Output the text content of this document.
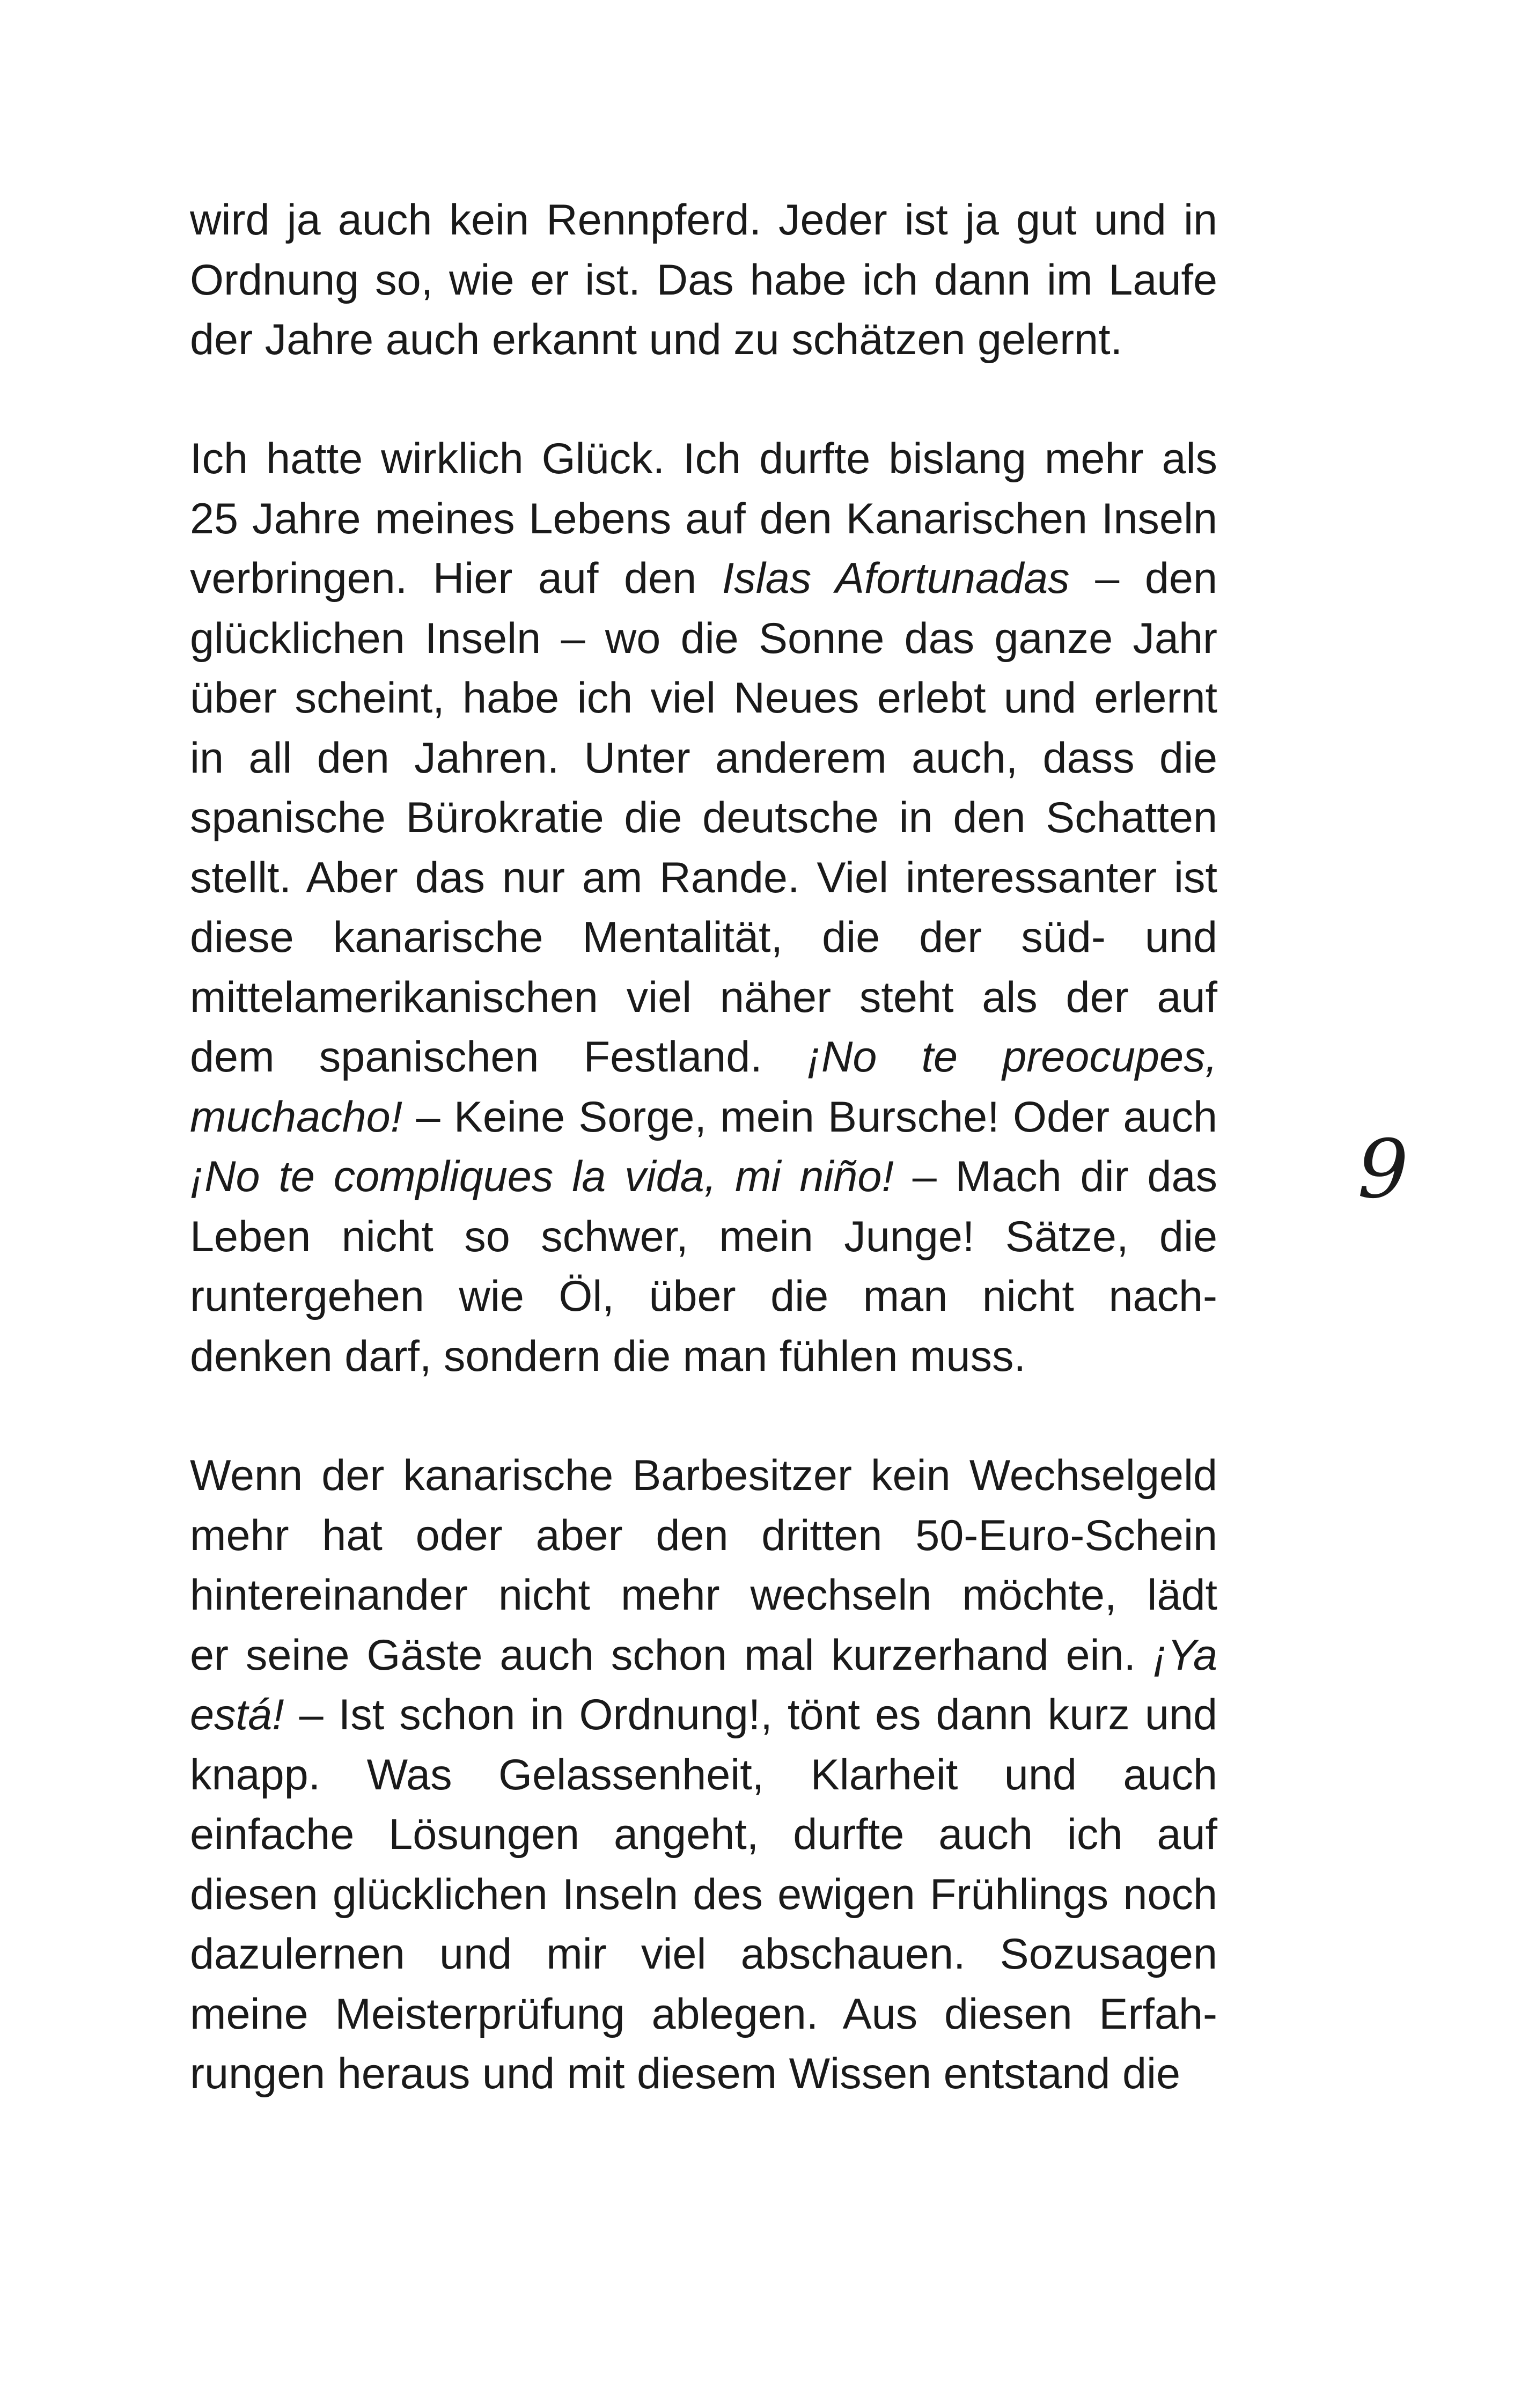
wird ja auch kein Rennpferd. Jeder ist ja gut und in
Ordnung so, wie er ist. Das habe ich dann im Laufe
der Jahre auch erkannt und zu schätzen gelernt.
Ich hatte wirklich Glück. Ich durfte bislang mehr als
25 Jahre meines Lebens auf den Kanarischen Inseln
verbringen. Hier auf den Islas Afortunadas – den
glücklichen Inseln – wo die Sonne das ganze Jahr
über scheint, habe ich viel Neues erlebt und erlernt
in all den Jahren. Unter anderem auch, dass die
spanische Bürokratie die deutsche in den Schatten
stellt. Aber das nur am Rande. Viel interessanter ist
diese kanarische Mentalität, die der süd- und
mittelamerikanischen viel näher steht als der auf
dem spanischen Festland. ¡No te preocupes,
muchacho! – Keine Sorge, mein Bursche! Oder auch
¡No te compliques la vida, mi niño! – Mach dir das
Leben nicht so schwer, mein Junge! Sätze, die
runtergehen wie Öl, über die man nicht nach-
denken darf, sondern die man fühlen muss.
Wenn der kanarische Barbesitzer kein Wechselgeld
mehr hat oder aber den dritten 50-Euro-Schein
hintereinander nicht mehr wechseln möchte, lädt
er seine Gäste auch schon mal kurzerhand ein. ¡Ya
está! – Ist schon in Ordnung!, tönt es dann kurz und
knapp. Was Gelassenheit, Klarheit und auch
einfache Lösungen angeht, durfte auch ich auf
diesen glücklichen Inseln des ewigen Frühlings noch
dazulernen und mir viel abschauen. Sozusagen
meine Meisterprüfung ablegen. Aus diesen Erfah-
rungen heraus und mit diesem Wissen entstand die
9
